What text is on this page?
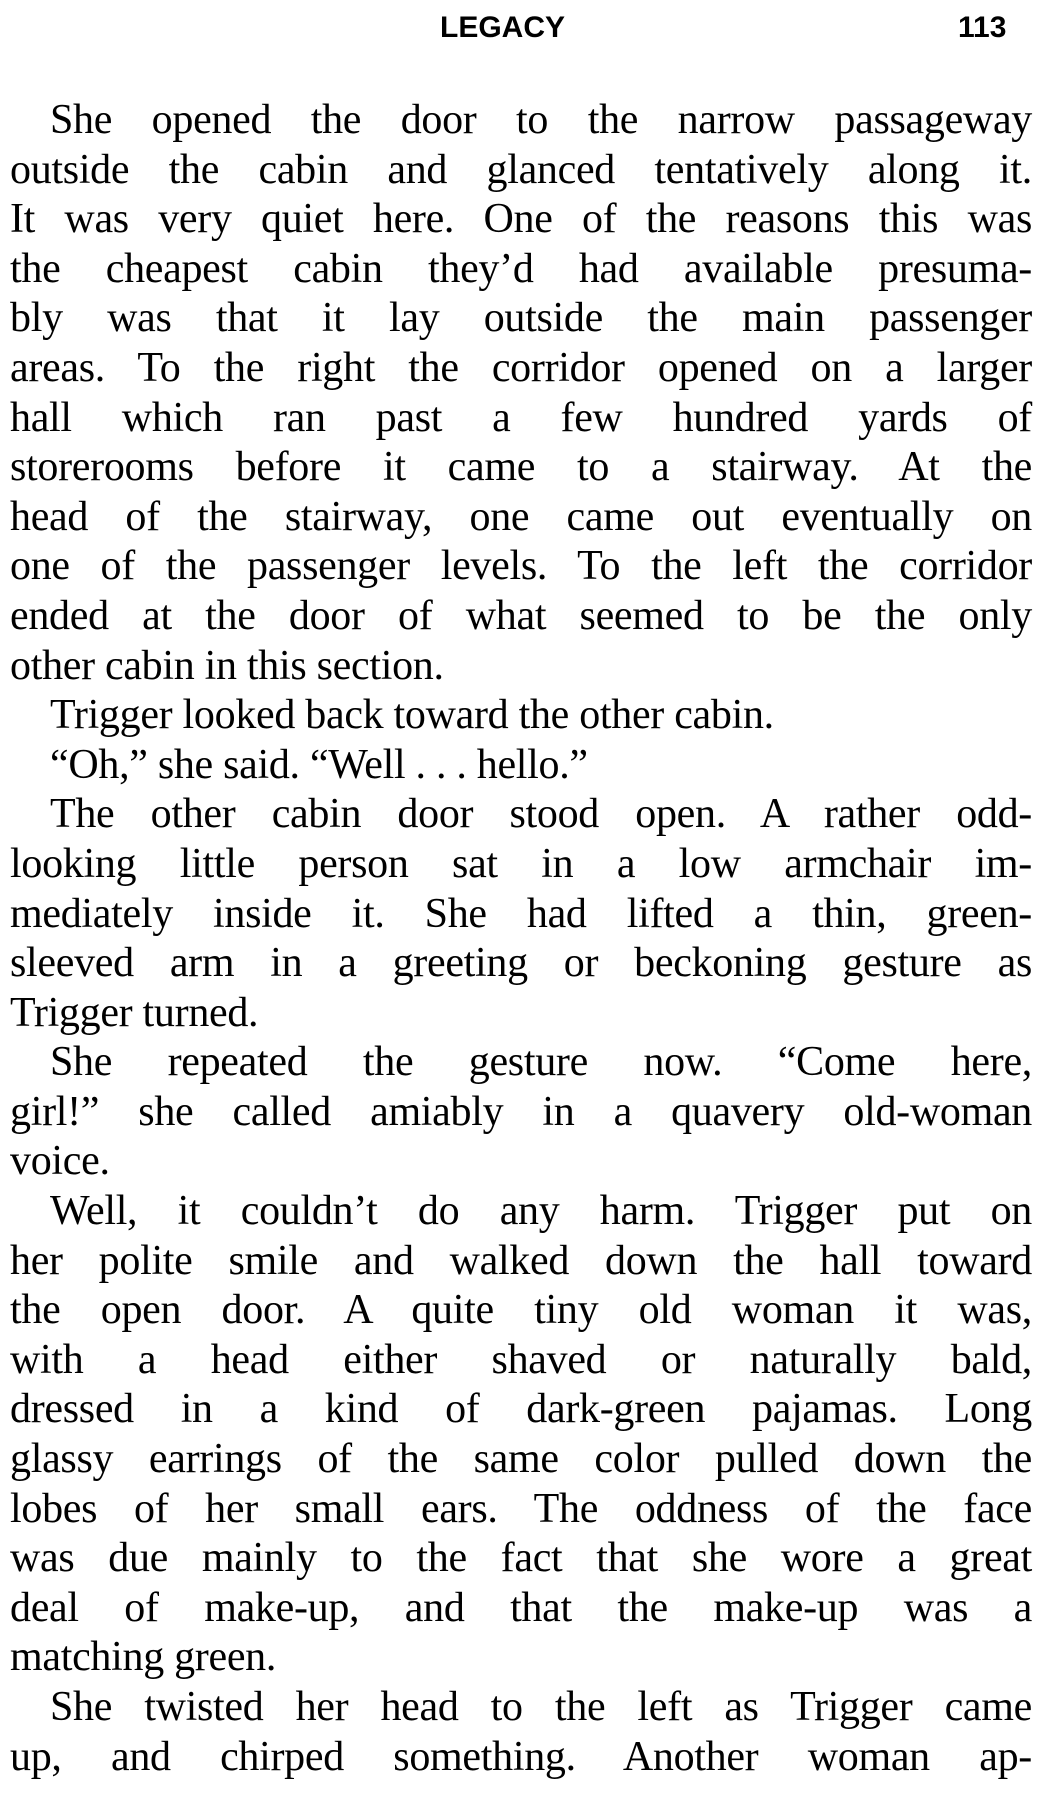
LEGACY	113
She opened the door to the narrow passageway
outside the cabin and glanced tentatively along it.
It was very quiet here. One of the reasons this was
the cheapest cabin they’d had available presuma-
bly was that it lay outside the main passenger
areas. To the right the corridor opened on a larger
hall which ran past a few hundred yards of
storerooms before it came to a stairway. At the
head of the stairway, one came out eventually on
one of the passenger levels. To the left the corridor
ended at the door of what seemed to be the only
other cabin in this section.
Trigger looked back toward the other cabin.
“Oh,” she said. “Well . . . hello.”
The other cabin door stood open. A rather odd-
looking little person sat in a low armchair im-
mediately inside it. She had lifted a thin, green-
sleeved arm in a greeting or beckoning gesture as
Trigger turned.
She repeated the gesture now. “Come here,
girl!” she called amiably in a quavery old-woman
voice.
Well, it couldn’t do any harm. Trigger put on
her polite smile and walked down the hall toward
the open door. A quite tiny old woman it was,
with a head either shaved or naturally bald,
dressed in a kind of dark-green pajamas. Long
glassy earrings of the same color pulled down the
lobes of her small ears. The oddness of the face
was due mainly to the fact that she wore a great
deal of make-up, and that the make-up was a
matching green.
She twisted her head to the left as Trigger came
up, and chirped something. Another woman ap-
